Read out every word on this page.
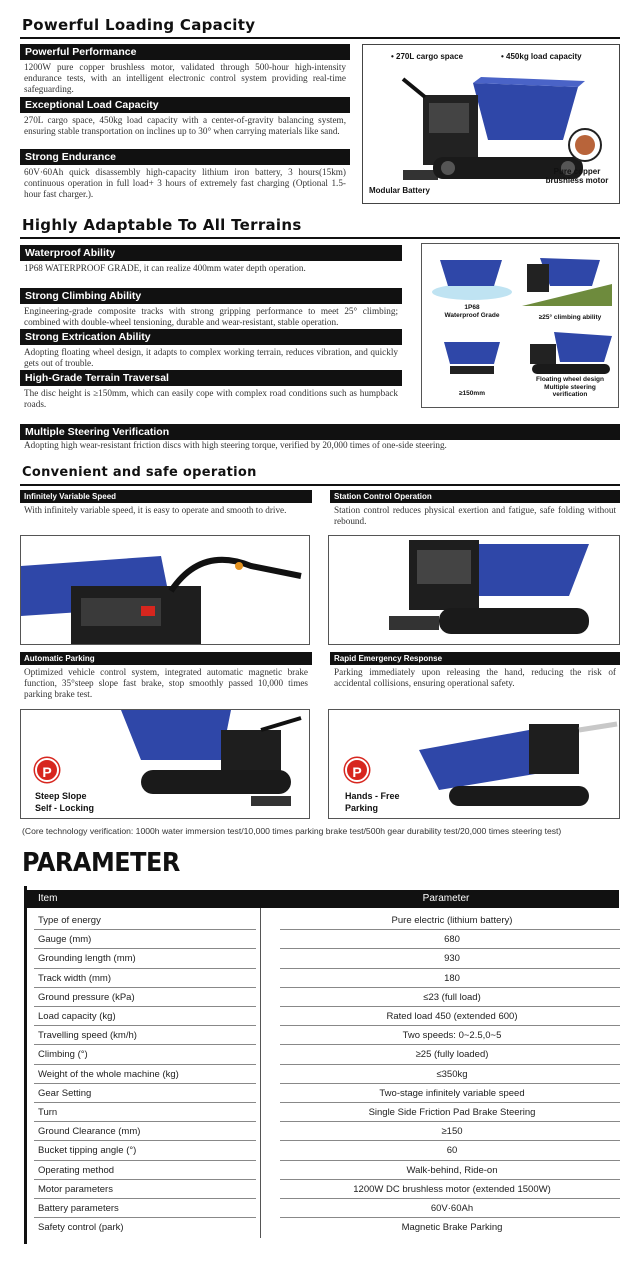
Powerful Loading Capacity
Powerful Performance
1200W pure copper brushless motor, validated through 500-hour high-intensity endurance tests, with an intelligent electronic control system providing real-time safeguarding.
Exceptional Load Capacity
270L cargo space, 450kg load capacity with a center-of-gravity balancing system, ensuring stable transportation on inclines up to 30° when carrying materials like sand.
Strong Endurance
60V·60Ah quick disassembly high-capacity lithium iron battery, 3 hours(15km) continuous operation in full load+ 3 hours of extremely fast charging (Optional 1.5-hour fast charger.).
• 270L cargo space	• 450kg load capacity
Modular Battery
Pure copper
brushless motor
Highly Adaptable To All Terrains
Waterproof Ability
1P68 WATERPROOF GRADE, it can realize 400mm water depth operation.
Strong Climbing Ability
Engineering-grade composite tracks with strong gripping performance to meet 25° climbing; combined with double-wheel tensioning, durable and wear-resistant, stable operation.
Strong Extrication Ability
Adopting floating wheel design, it adapts to complex working terrain, reduces vibration, and quickly gets out of trouble.
High-Grade Terrain Traversal
The disc height is ≥150mm, which can easily cope with complex road conditions such as humpback roads.
1P68
Waterproof Grade	≥25° climbing ability
≥150mm
Floating wheel design
Multiple steering
verification
Multiple Steering Verification
Adopting high wear-resistant friction discs with high steering torque, verified by 20,000 times of one-side steering.
Convenient and safe operation
Infinitely Variable Speed
With infinitely variable speed, it is easy to operate and smooth to drive.
Station Control Operation
Station control reduces physical exertion and fatigue, safe folding without rebound.
Automatic Parking
Optimized vehicle control system, integrated automatic magnetic brake function, 35°steep slope fast brake, stop smoothly passed 10,000 times parking brake test.
Rapid Emergency Response
Parking immediately upon releasing the hand, reducing the risk of accidental collisions, ensuring operational safety.
P
Steep Slope
Self - Locking
P
Hands - Free
Parking
(Core technology verification: 1000h water immersion test/10,000 times parking brake test/500h gear durability test/20,000 times steering test)
PARAMETER
Item	Parameter
Type of energy	Pure electric (lithium battery)
Gauge (mm)	680
Grounding length (mm)	930
Track width (mm)	180
Ground pressure (kPa)	≤23 (full load)
Load capacity (kg)	Rated load 450 (extended 600)
Travelling speed (km/h)	Two speeds: 0~2.5,0~5
Climbing (°)	≥25 (fully loaded)
Weight of the whole machine (kg)	≤350kg
Gear Setting	Two-stage infinitely variable speed
Turn	Single Side Friction Pad Brake Steering
Ground Clearance (mm)	≥150
Bucket tipping angle (°)	60
Operating method	Walk-behind, Ride-on
Motor parameters	1200W DC brushless motor (extended 1500W)
Battery parameters	60V·60Ah
Safety control (park)	Magnetic Brake Parking
